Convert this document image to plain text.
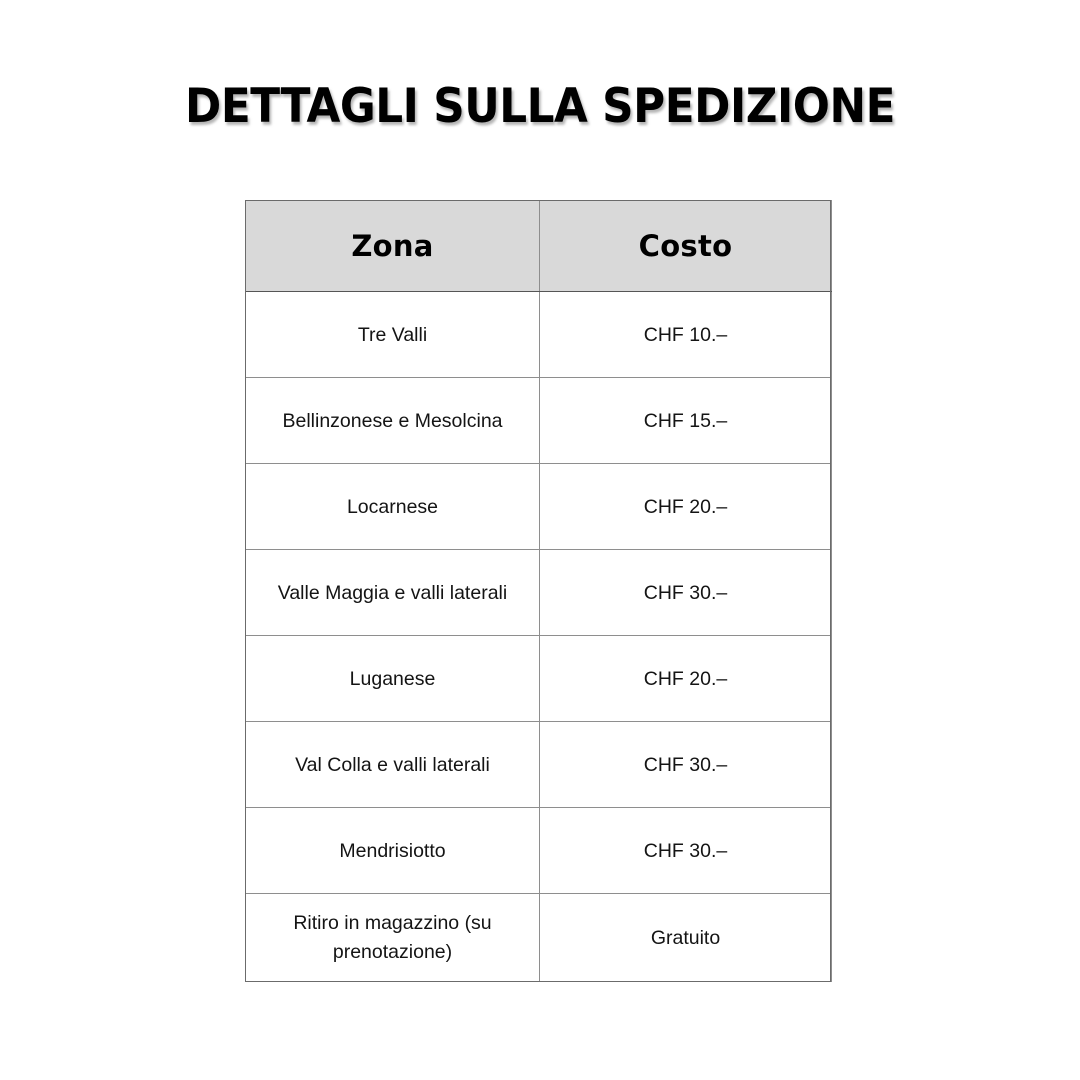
DETTAGLI SULLA SPEDIZIONE
Zona	Costo
Tre Valli	CHF 10.–
Bellinzonese e Mesolcina	CHF 15.–
Locarnese	CHF 20.–
Valle Maggia e valli laterali	CHF 30.–
Luganese	CHF 20.–
Val Colla e valli laterali	CHF 30.–
Mendrisiotto	CHF 30.–
Ritiro in magazzino (su prenotazione)	Gratuito
